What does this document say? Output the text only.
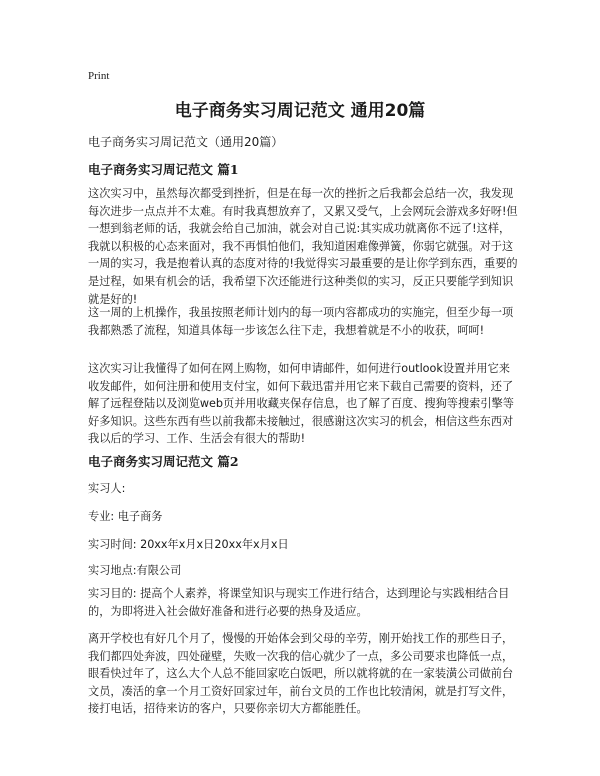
Print
电子商务实习周记范文 通用20篇
电子商务实习周记范文（通用20篇）
电子商务实习周记范文 篇1
这次实习中，虽然每次都受到挫折，但是在每一次的挫折之后我都会总结一次，我发现每次进步一点点并不太难。有时我真想放弃了，又累又受气，上会网玩会游戏多好呀!但一想到翁老师的话，我就会给自己加油，就会对自己说:其实成功就离你不远了!这样，我就以积极的心态来面对，我不再惧怕他们，我知道困难像弹簧，你弱它就强。对于这一周的实习，我是抱着认真的态度对待的!我觉得实习最重要的是让你学到东西，重要的是过程，如果有机会的话，我希望下次还能进行这种类似的实习，反正只要能学到知识就是好的!
这一周的上机操作，我虽按照老师计划内的每一项内容都成功的实施完，但至少每一项我都熟悉了流程，知道具体每一步该怎么往下走，我想着就是不小的收获，呵呵!
这次实习让我懂得了如何在网上购物，如何申请邮件，如何进行outlook设置并用它来收发邮件，如何注册和使用支付宝，如何下载迅雷并用它来下载自己需要的资料，还了解了远程登陆以及浏览web页并用收藏夹保存信息，也了解了百度、搜狗等搜索引擎等好多知识。这些东西有些以前我都未接触过，很感谢这次实习的机会，相信这些东西对我以后的学习、工作、生活会有很大的帮助!
电子商务实习周记范文 篇2
实习人:
专业: 电子商务
实习时间: 20xx年x月x日20xx年x月x日
实习地点:有限公司
实习目的: 提高个人素养，将课堂知识与现实工作进行结合，达到理论与实践相结合目的，为即将进入社会做好准备和进行必要的热身及适应。
离开学校也有好几个月了，慢慢的开始体会到父母的辛劳，刚开始找工作的那些日子，我们都四处奔波，四处碰壁，失败一次我的信心就少了一点，多公司要求也降低一点，眼看快过年了，这么大个人总不能回家吃白饭吧，所以就将就的在一家装潢公司做前台文员，凑活的拿一个月工资好回家过年，前台文员的工作也比较清闲，就是打写文件，接打电话，招待来访的客户，只要你亲切大方都能胜任。
